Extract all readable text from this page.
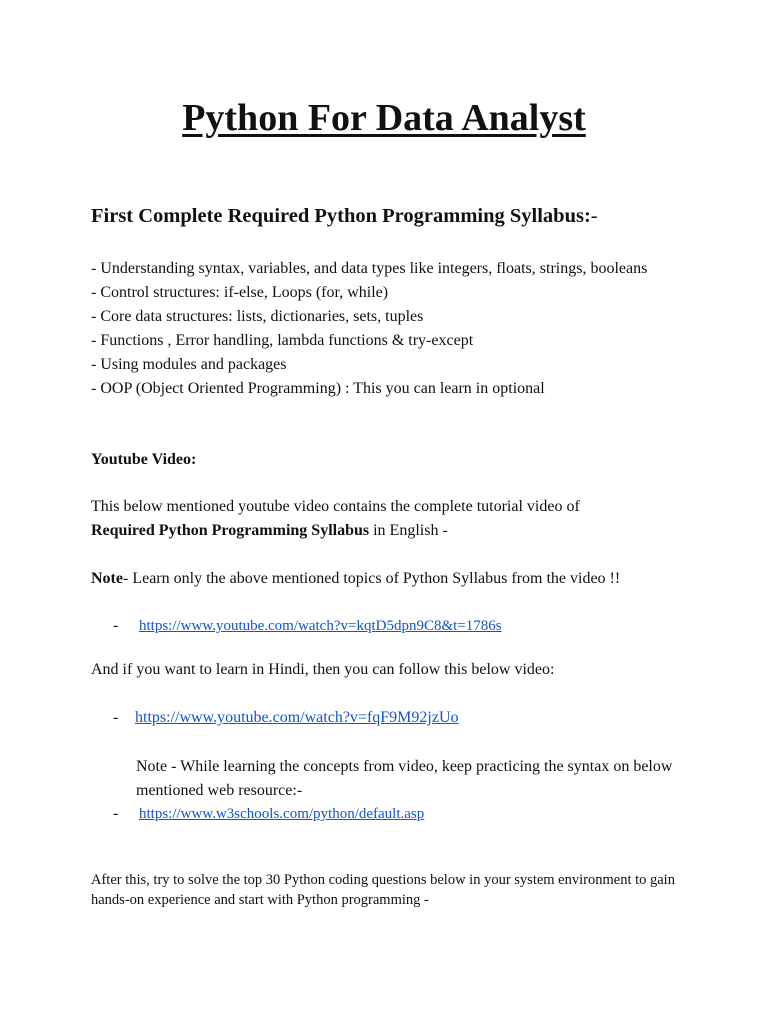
Python For Data Analyst
First Complete Required Python Programming Syllabus:-
- Understanding syntax, variables, and data types like integers, floats, strings, booleans
- Control structures: if-else, Loops (for, while)
- Core data structures: lists, dictionaries, sets, tuples
- Functions , Error handling, lambda functions & try-except
- Using modules and packages
- OOP (Object Oriented Programming) : This you can learn in optional

Youtube Video:

This below mentioned youtube video contains the complete tutorial video of

Required Python Programming Syllabus in English -

Note- Learn only the above mentioned topics of Python Syllabus from the video !!

- https://www.youtube.com/watch?v=kqtD5dpn9C8&t=1786s

And if you want to learn in Hindi, then you can follow this below video:

- https://www.youtube.com/watch?v=fqF9M92jzUo

Note - While learning the concepts from video, keep practicing the syntax on below mentioned web resource:-

- https://www.w3schools.com/python/default.asp

After this, try to solve the top 30 Python coding questions below in your system environment to gain hands-on experience and start with Python programming -
